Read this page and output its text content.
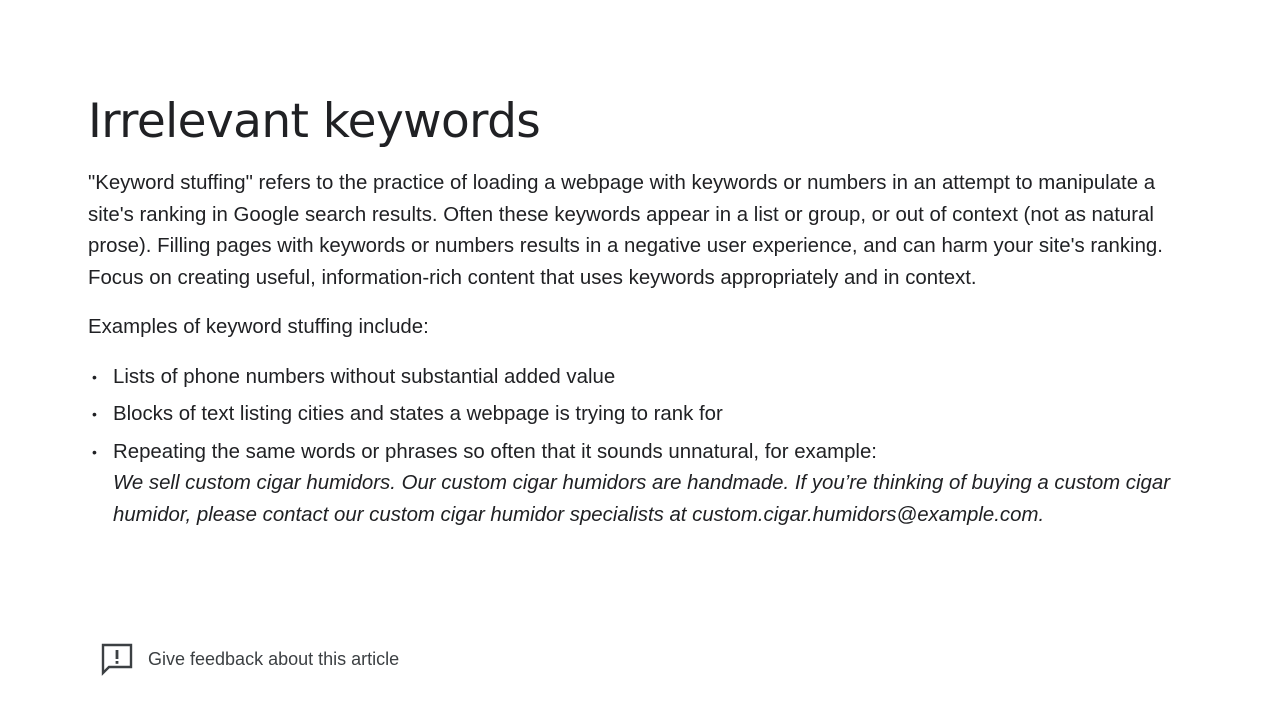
Irrelevant keywords

"Keyword stuffing" refers to the practice of loading a webpage with keywords or numbers in an attempt to manipulate a site's ranking in Google search results. Often these keywords appear in a list or group, or out of context (not as natural prose). Filling pages with keywords or numbers results in a negative user experience, and can harm your site's ranking. Focus on creating useful, information-rich content that uses keywords appropriately and in context.

Examples of keyword stuffing include:

• Lists of phone numbers without substantial added value
• Blocks of text listing cities and states a webpage is trying to rank for
• Repeating the same words or phrases so often that it sounds unnatural, for example:
We sell custom cigar humidors. Our custom cigar humidors are handmade. If you’re thinking of buying a custom cigar humidor, please contact our custom cigar humidor specialists at custom.cigar.humidors@example.com.
Give feedback about this article
